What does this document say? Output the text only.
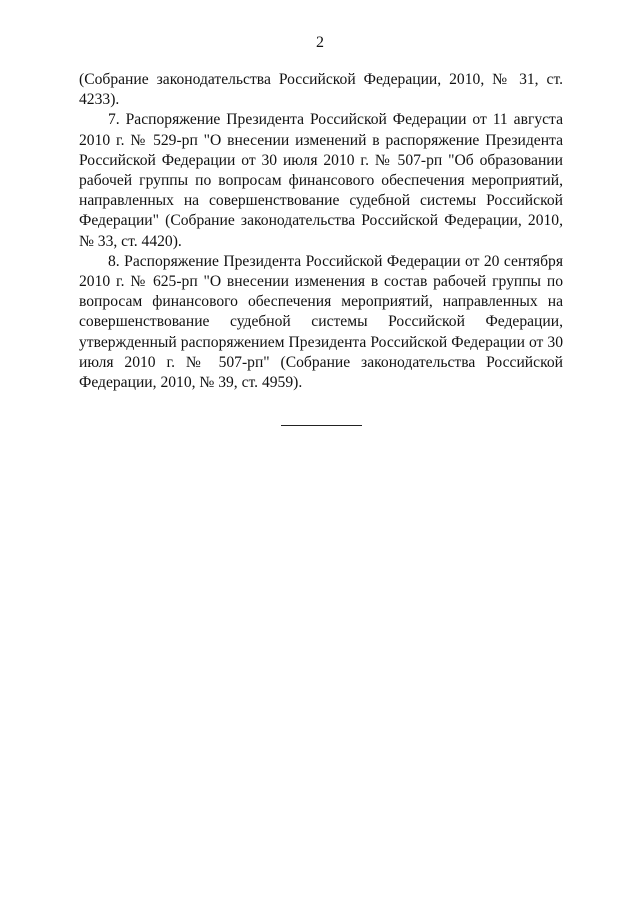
2

(Собрание законодательства Российской Федерации, 2010, № 31, ст. 4233).

7. Распоряжение Президента Российской Федерации от 11 августа 2010 г. № 529-рп "О внесении изменений в распоряжение Президента Российской Федерации от 30 июля 2010 г. № 507-рп "Об образовании рабочей группы по вопросам финансового обеспечения мероприятий, направленных на совершенствование судебной системы Российской Федерации" (Собрание законодательства Российской Федерации, 2010, № 33, ст. 4420).

8. Распоряжение Президента Российской Федерации от 20 сентября 2010 г. № 625-рп "О внесении изменения в состав рабочей группы по вопросам финансового обеспечения мероприятий, направленных на совершенствование судебной системы Российской Федерации, утвержденный распоряжением Президента Российской Федерации от 30 июля 2010 г. № 507-рп" (Собрание законодательства Российской Федерации, 2010, № 39, ст. 4959).
